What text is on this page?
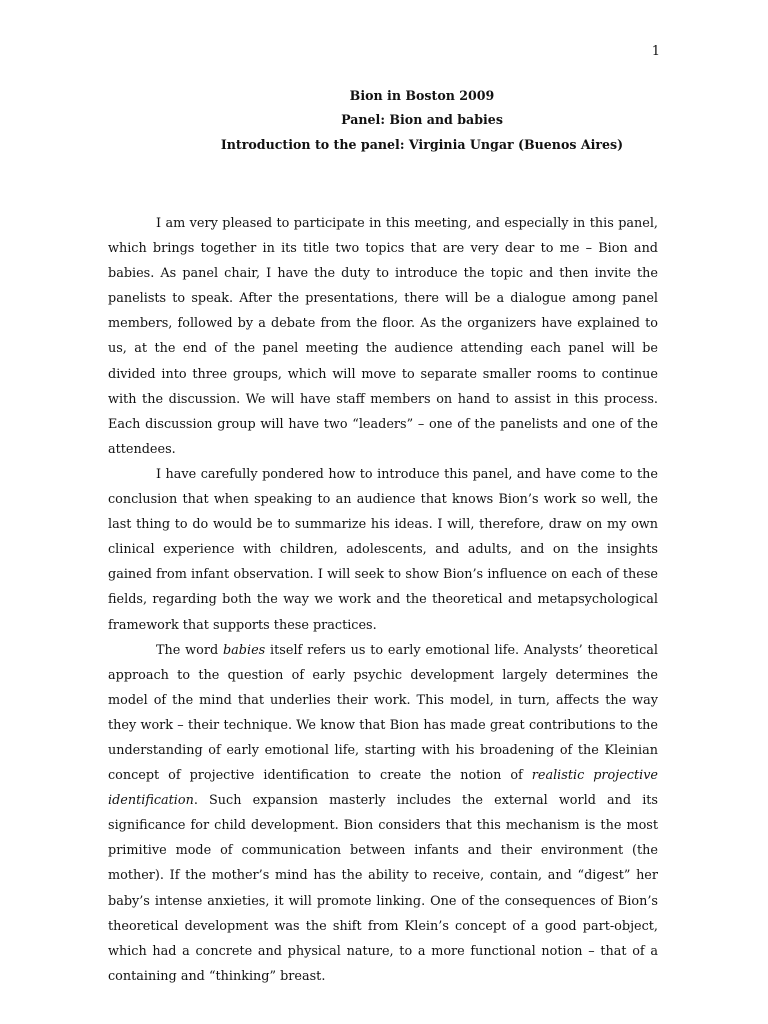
1
Bion in Boston 2009
Panel: Bion and babies
Introduction to the panel: Virginia Ungar (Buenos Aires)

I am very pleased to participate in this meeting, and especially in this panel, which brings together in its title two topics that are very dear to me – Bion and babies. As panel chair, I have the duty to introduce the topic and then invite the panelists to speak. After the presentations, there will be a dialogue among panel members, followed by a debate from the floor. As the organizers have explained to us, at the end of the panel meeting the audience attending each panel will be divided into three groups, which will move to separate smaller rooms to continue with the discussion. We will have staff members on hand to assist in this process. Each discussion group will have two “leaders” – one of the panelists and one of the attendees.

I have carefully pondered how to introduce this panel, and have come to the conclusion that when speaking to an audience that knows Bion’s work so well, the last thing to do would be to summarize his ideas. I will, therefore, draw on my own clinical experience with children, adolescents, and adults, and on the insights gained from infant observation. I will seek to show Bion’s influence on each of these fields, regarding both the way we work and the theoretical and metapsychological framework that supports these practices.

The word babies itself refers us to early emotional life. Analysts’ theoretical approach to the question of early psychic development largely determines the model of the mind that underlies their work. This model, in turn, affects the way they work – their technique. We know that Bion has made great contributions to the understanding of early emotional life, starting with his broadening of the Kleinian concept of projective identification to create the notion of realistic projective identification. Such expansion masterly includes the external world and its significance for child development. Bion considers that this mechanism is the most primitive mode of communication between infants and their environment (the mother). If the mother’s mind has the ability to receive, contain, and “digest” her baby’s intense anxieties, it will promote linking. One of the consequences of Bion’s theoretical development was the shift from Klein’s concept of a good part-object, which had a concrete and physical nature, to a more functional notion – that of a containing and “thinking” breast.
